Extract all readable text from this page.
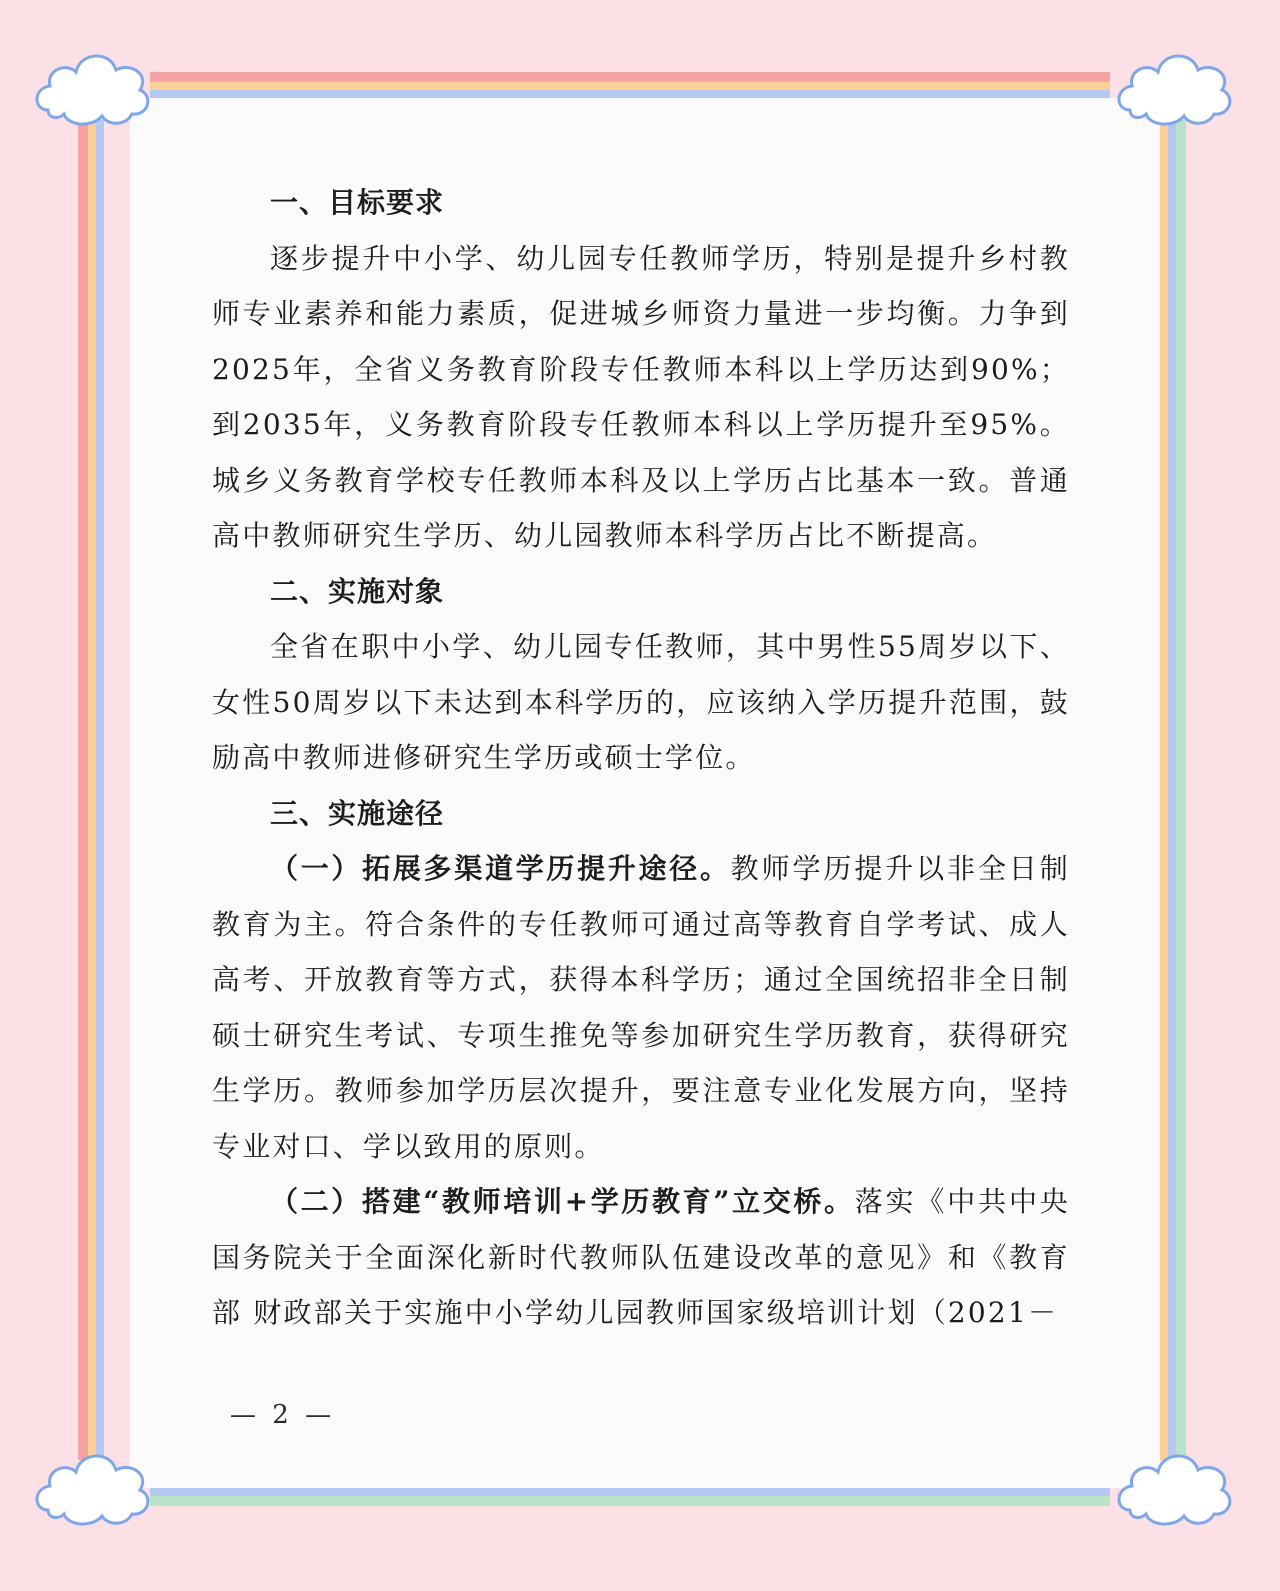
一、目标要求

逐步提升中小学、幼儿园专任教师学历，特别是提升乡村教师专业素养和能力素质，促进城乡师资力量进一步均衡。力争到2025年，全省义务教育阶段专任教师本科以上学历达到90%；到2035年，义务教育阶段专任教师本科以上学历提升至95%。城乡义务教育学校专任教师本科及以上学历占比基本一致。普通高中教师研究生学历、幼儿园教师本科学历占比不断提高。

二、实施对象

全省在职中小学、幼儿园专任教师，其中男性55周岁以下、女性50周岁以下未达到本科学历的，应该纳入学历提升范围，鼓励高中教师进修研究生学历或硕士学位。

三、实施途径

（一）拓展多渠道学历提升途径。教师学历提升以非全日制教育为主。符合条件的专任教师可通过高等教育自学考试、成人高考、开放教育等方式，获得本科学历；通过全国统招非全日制硕士研究生考试、专项生推免等参加研究生学历教育，获得研究生学历。教师参加学历层次提升，要注意专业化发展方向，坚持专业对口、学以致用的原则。

（二）搭建“教师培训+学历教育”立交桥。落实《中共中央国务院关于全面深化新时代教师队伍建设改革的意见》和《教育部 财政部关于实施中小学幼儿园教师国家级培训计划（2021－

— 2 —
